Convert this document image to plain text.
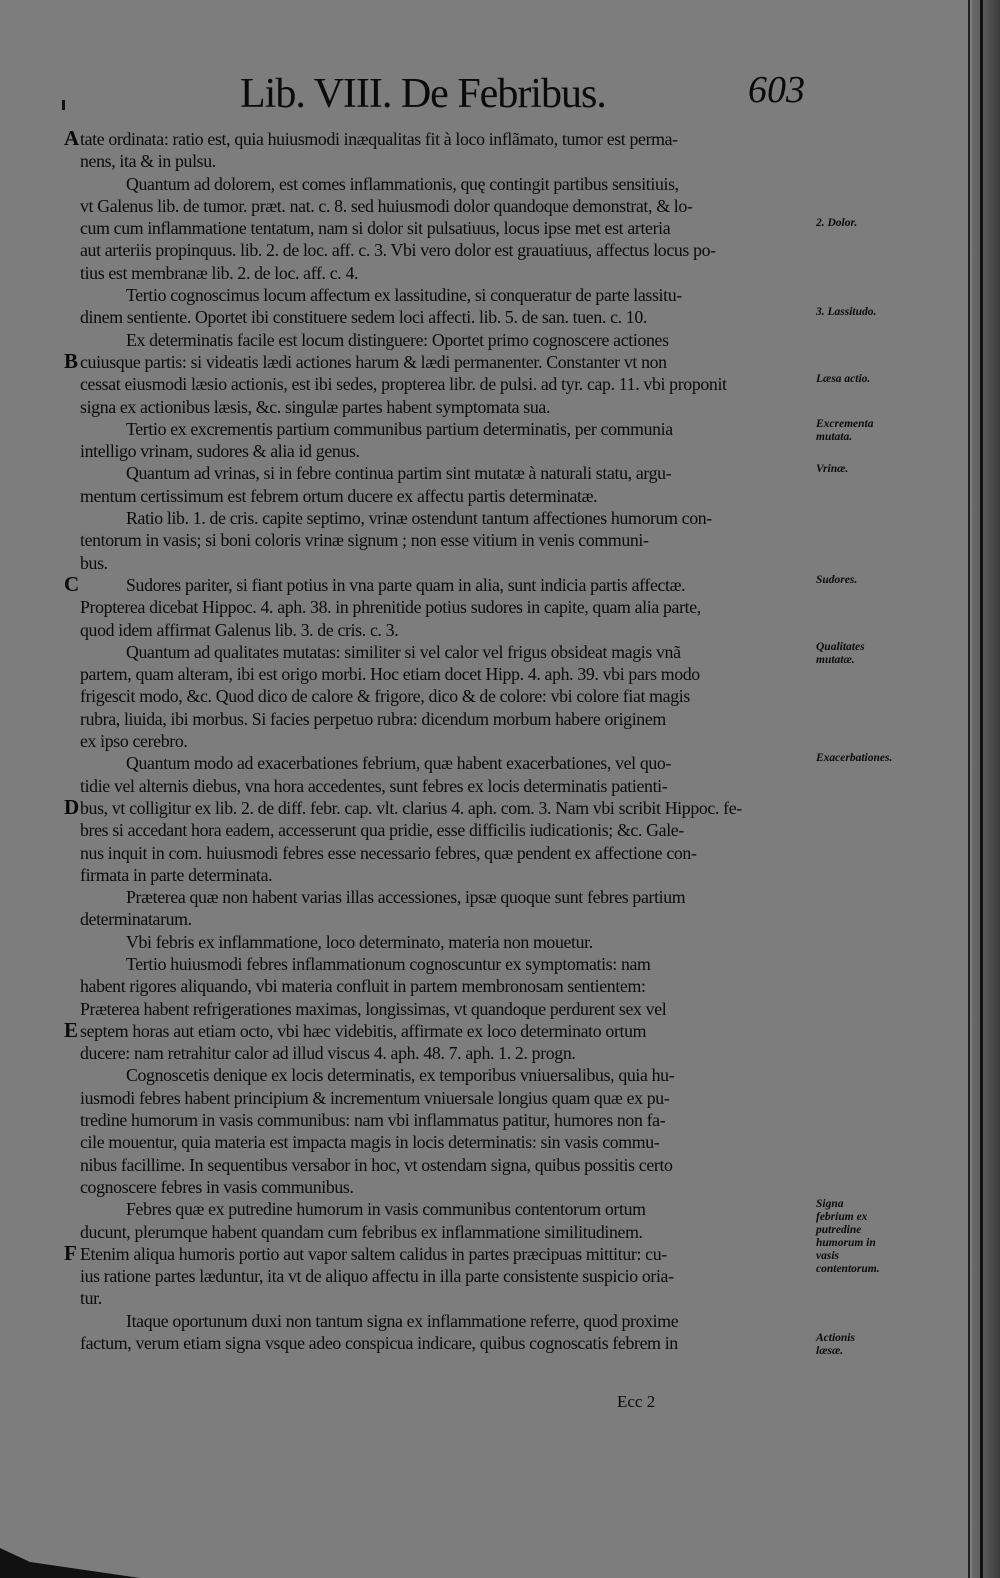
Lib. VIII. De Febribus.	603
tate ordinata: ratio est, quia huiusmodi inæqualitas fit à loco inflãmato, tumor est perma-
nens, ita & in pulsu.
Quantum ad dolorem, est comes inflammationis, quę contingit partibus sensitiuis,
vt Galenus lib. de tumor. præt. nat. c. 8. sed huiusmodi dolor quandoque demonstrat, & lo-
cum cum inflammatione tentatum, nam si dolor sit pulsatiuus, locus ipse met est arteria
aut arteriis propinquus. lib. 2. de loc. aff. c. 3. Vbi vero dolor est grauatiuus, affectus locus po-
tius est membranæ lib. 2. de loc. aff. c. 4.
Tertio cognoscimus locum affectum ex lassitudine, si conqueratur de parte lassitu-
dinem sentiente. Oportet ibi constituere sedem loci affecti. lib. 5. de san. tuen. c. 10.
Ex determinatis facile est locum distinguere: Oportet primo cognoscere actiones
cuiusque partis: si videatis lædi actiones harum & lædi permanenter. Constanter vt non
cessat eiusmodi læsio actionis, est ibi sedes, propterea libr. de pulsi. ad tyr. cap. 11. vbi proponit
signa ex actionibus læsis, &c. singulæ partes habent symptomata sua.
Tertio ex excrementis partium communibus partium determinatis, per communia
intelligo vrinam, sudores & alia id genus.
Quantum ad vrinas, si in febre continua partim sint mutatæ à naturali statu, argu-
mentum certissimum est febrem ortum ducere ex affectu partis determinatæ.
Ratio lib. 1. de cris. capite septimo, vrinæ ostendunt tantum affectiones humorum con-
tentorum in vasis; si boni coloris vrinæ signum ; non esse vitium in venis communi-
bus.
Sudores pariter, si fiant potius in vna parte quam in alia, sunt indicia partis affectæ.
Propterea dicebat Hippoc. 4. aph. 38. in phrenitide potius sudores in capite, quam alia parte,
quod idem affirmat Galenus lib. 3. de cris. c. 3.
Quantum ad qualitates mutatas: similiter si vel calor vel frigus obsideat magis vnã
partem, quam alteram, ibi est origo morbi. Hoc etiam docet Hipp. 4. aph. 39. vbi pars modo
frigescit modo, &c. Quod dico de calore & frigore, dico & de colore: vbi colore fiat magis
rubra, liuida, ibi morbus. Si facies perpetuo rubra: dicendum morbum habere originem
ex ipso cerebro.
Quantum modo ad exacerbationes febrium, quæ habent exacerbationes, vel quo-
tidie vel alternis diebus, vna hora accedentes, sunt febres ex locis determinatis patienti-
bus, vt colligitur ex lib. 2. de diff. febr. cap. vlt. clarius 4. aph. com. 3. Nam vbi scribit Hippoc. fe-
bres si accedant hora eadem, accesserunt qua pridie, esse difficilis iudicationis; &c. Gale-
nus inquit in com. huiusmodi febres esse necessario febres, quæ pendent ex affectione con-
firmata in parte determinata.
Præterea quæ non habent varias illas accessiones, ipsæ quoque sunt febres partium
determinatarum.
Vbi febris ex inflammatione, loco determinato, materia non mouetur.
Tertio huiusmodi febres inflammationum cognoscuntur ex symptomatis: nam
habent rigores aliquando, vbi materia confluit in partem membronosam sentientem:
Præterea habent refrigerationes maximas, longissimas, vt quandoque perdurent sex vel
septem horas aut etiam octo, vbi hæc videbitis, affirmate ex loco determinato ortum
ducere: nam retrahitur calor ad illud viscus 4. aph. 48. 7. aph. 1. 2. progn.
Cognoscetis denique ex locis determinatis, ex temporibus vniuersalibus, quia hu-
iusmodi febres habent principium & incrementum vniuersale longius quam quæ ex pu-
tredine humorum in vasis communibus: nam vbi inflammatus patitur, humores non fa-
cile mouentur, quia materia est impacta magis in locis determinatis: sin vasis commu-
nibus facillime. In sequentibus versabor in hoc, vt ostendam signa, quibus possitis certo
cognoscere febres in vasis communibus.
Febres quæ ex putredine humorum in vasis communibus contentorum ortum
ducunt, plerumque habent quandam cum febribus ex inflammatione similitudinem.
Etenim aliqua humoris portio aut vapor saltem calidus in partes præcipuas mittitur: cu-
ius ratione partes læduntur, ita vt de aliquo affectu in illa parte consistente suspicio oria-
tur.
Itaque oportunum duxi non tantum signa ex inflammatione referre, quod proxime
factum, verum etiam signa vsque adeo conspicua indicare, quibus cognoscatis febrem in
A
B
C
D
E
F
2. Dolor.
3. Lassitudo.
Læsa actio.
Excrementa mutata.
Vrinæ.
Sudores.
Qualitates mutatæ.
Exacerbationes.
Signa febrium ex putredine humorum in vasis contentorum.
Actionis læsæ.
Ecc 2
